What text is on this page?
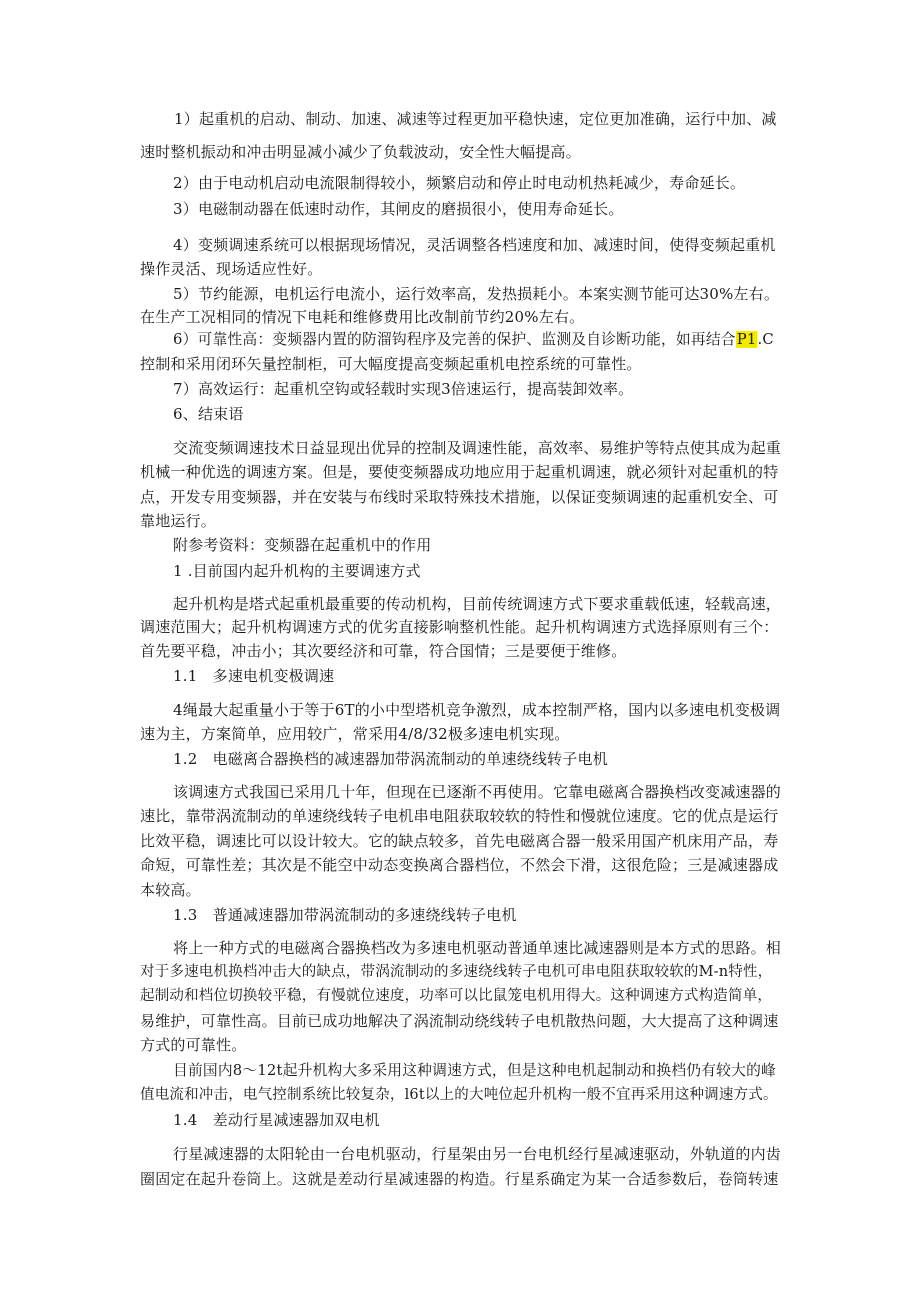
1）起重机的启动、制动、加速、减速等过程更加平稳快速，定位更加准确，运行中加、减
速时整机振动和冲击明显减小减少了负载波动，安全性大幅提高。
2）由于电动机启动电流限制得较小，频繁启动和停止时电动机热耗减少，寿命延长。
3）电磁制动器在低速时动作，其闸皮的磨损很小，使用寿命延长。
4）变频调速系统可以根据现场情况，灵活调整各档速度和加、减速时间，使得变频起重机
操作灵活、现场适应性好。
5）节约能源，电机运行电流小，运行效率高，发热损耗小。本案实测节能可达30%左右。
在生产工况相同的情况下电耗和维修费用比改制前节约20%左右。
6）可靠性高：变频器内置的防溜钩程序及完善的保护、监测及自诊断功能，如再结合P1.C
控制和采用闭环矢量控制柜，可大幅度提高变频起重机电控系统的可靠性。
7）高效运行：起重机空钩或轻载时实现3倍速运行，提高装卸效率。
6、结束语
交流变频调速技术日益显现出优异的控制及调速性能，高效率、易维护等特点使其成为起重
机械一种优选的调速方案。但是，要使变频器成功地应用于起重机调速，就必须针对起重机的特
点，开发专用变频器，并在安装与布线时采取特殊技术措施，以保证变频调速的起重机安全、可
靠地运行。
附参考资料：变频器在起重机中的作用
1 .目前国内起升机构的主要调速方式
起升机构是塔式起重机最重要的传动机构，目前传统调速方式下要求重载低速，轻载高速，
调速范围大；起升机构调速方式的优劣直接影响整机性能。起升机构调速方式选择原则有三个：
首先要平稳，冲击小；其次要经济和可靠，符合国情；三是要便于维修。
1.1　多速电机变极调速
4绳最大起重量小于等于6T的小中型塔机竞争激烈，成本控制严格，国内以多速电机变极调
速为主，方案简单，应用较广，常采用4/8/32极多速电机实现。
1.2　电磁离合器换档的减速器加带涡流制动的单速绕线转子电机
该调速方式我国已采用几十年，但现在已逐渐不再使用。它靠电磁离合器换档改变减速器的
速比，靠带涡流制动的单速绕线转子电机串电阻获取较软的特性和慢就位速度。它的优点是运行
比效平稳，调速比可以设计较大。它的缺点较多，首先电磁离合器一般采用国产机床用产品，寿
命短，可靠性差；其次是不能空中动态变换离合器档位，不然会下滑，这很危险；三是减速器成
本较高。
1.3　普通减速器加带涡流制动的多速绕线转子电机
将上一种方式的电磁离合器换档改为多速电机驱动普通单速比减速器则是本方式的思路。相
对于多速电机换档冲击大的缺点，带涡流制动的多速绕线转子电机可串电阻获取较软的M-n特性，
起制动和档位切换较平稳，有慢就位速度，功率可以比鼠笼电机用得大。这种调速方式构造简单，
易维护，可靠性高。目前已成功地解决了涡流制动绕线转子电机散热问题，大大提高了这种调速
方式的可靠性。
目前国内8～12t起升机构大多采用这种调速方式，但是这种电机起制动和换档仍有较大的峰
值电流和冲击，电气控制系统比较复杂，l6t以上的大吨位起升机构一般不宜再采用这种调速方式。
1.4　差动行星减速器加双电机
行星减速器的太阳轮由一台电机驱动，行星架由另一台电机经行星减速驱动，外轨道的内齿
圈固定在起升卷筒上。这就是差动行星减速器的构造。行星系确定为某一合适参数后，卷筒转速
